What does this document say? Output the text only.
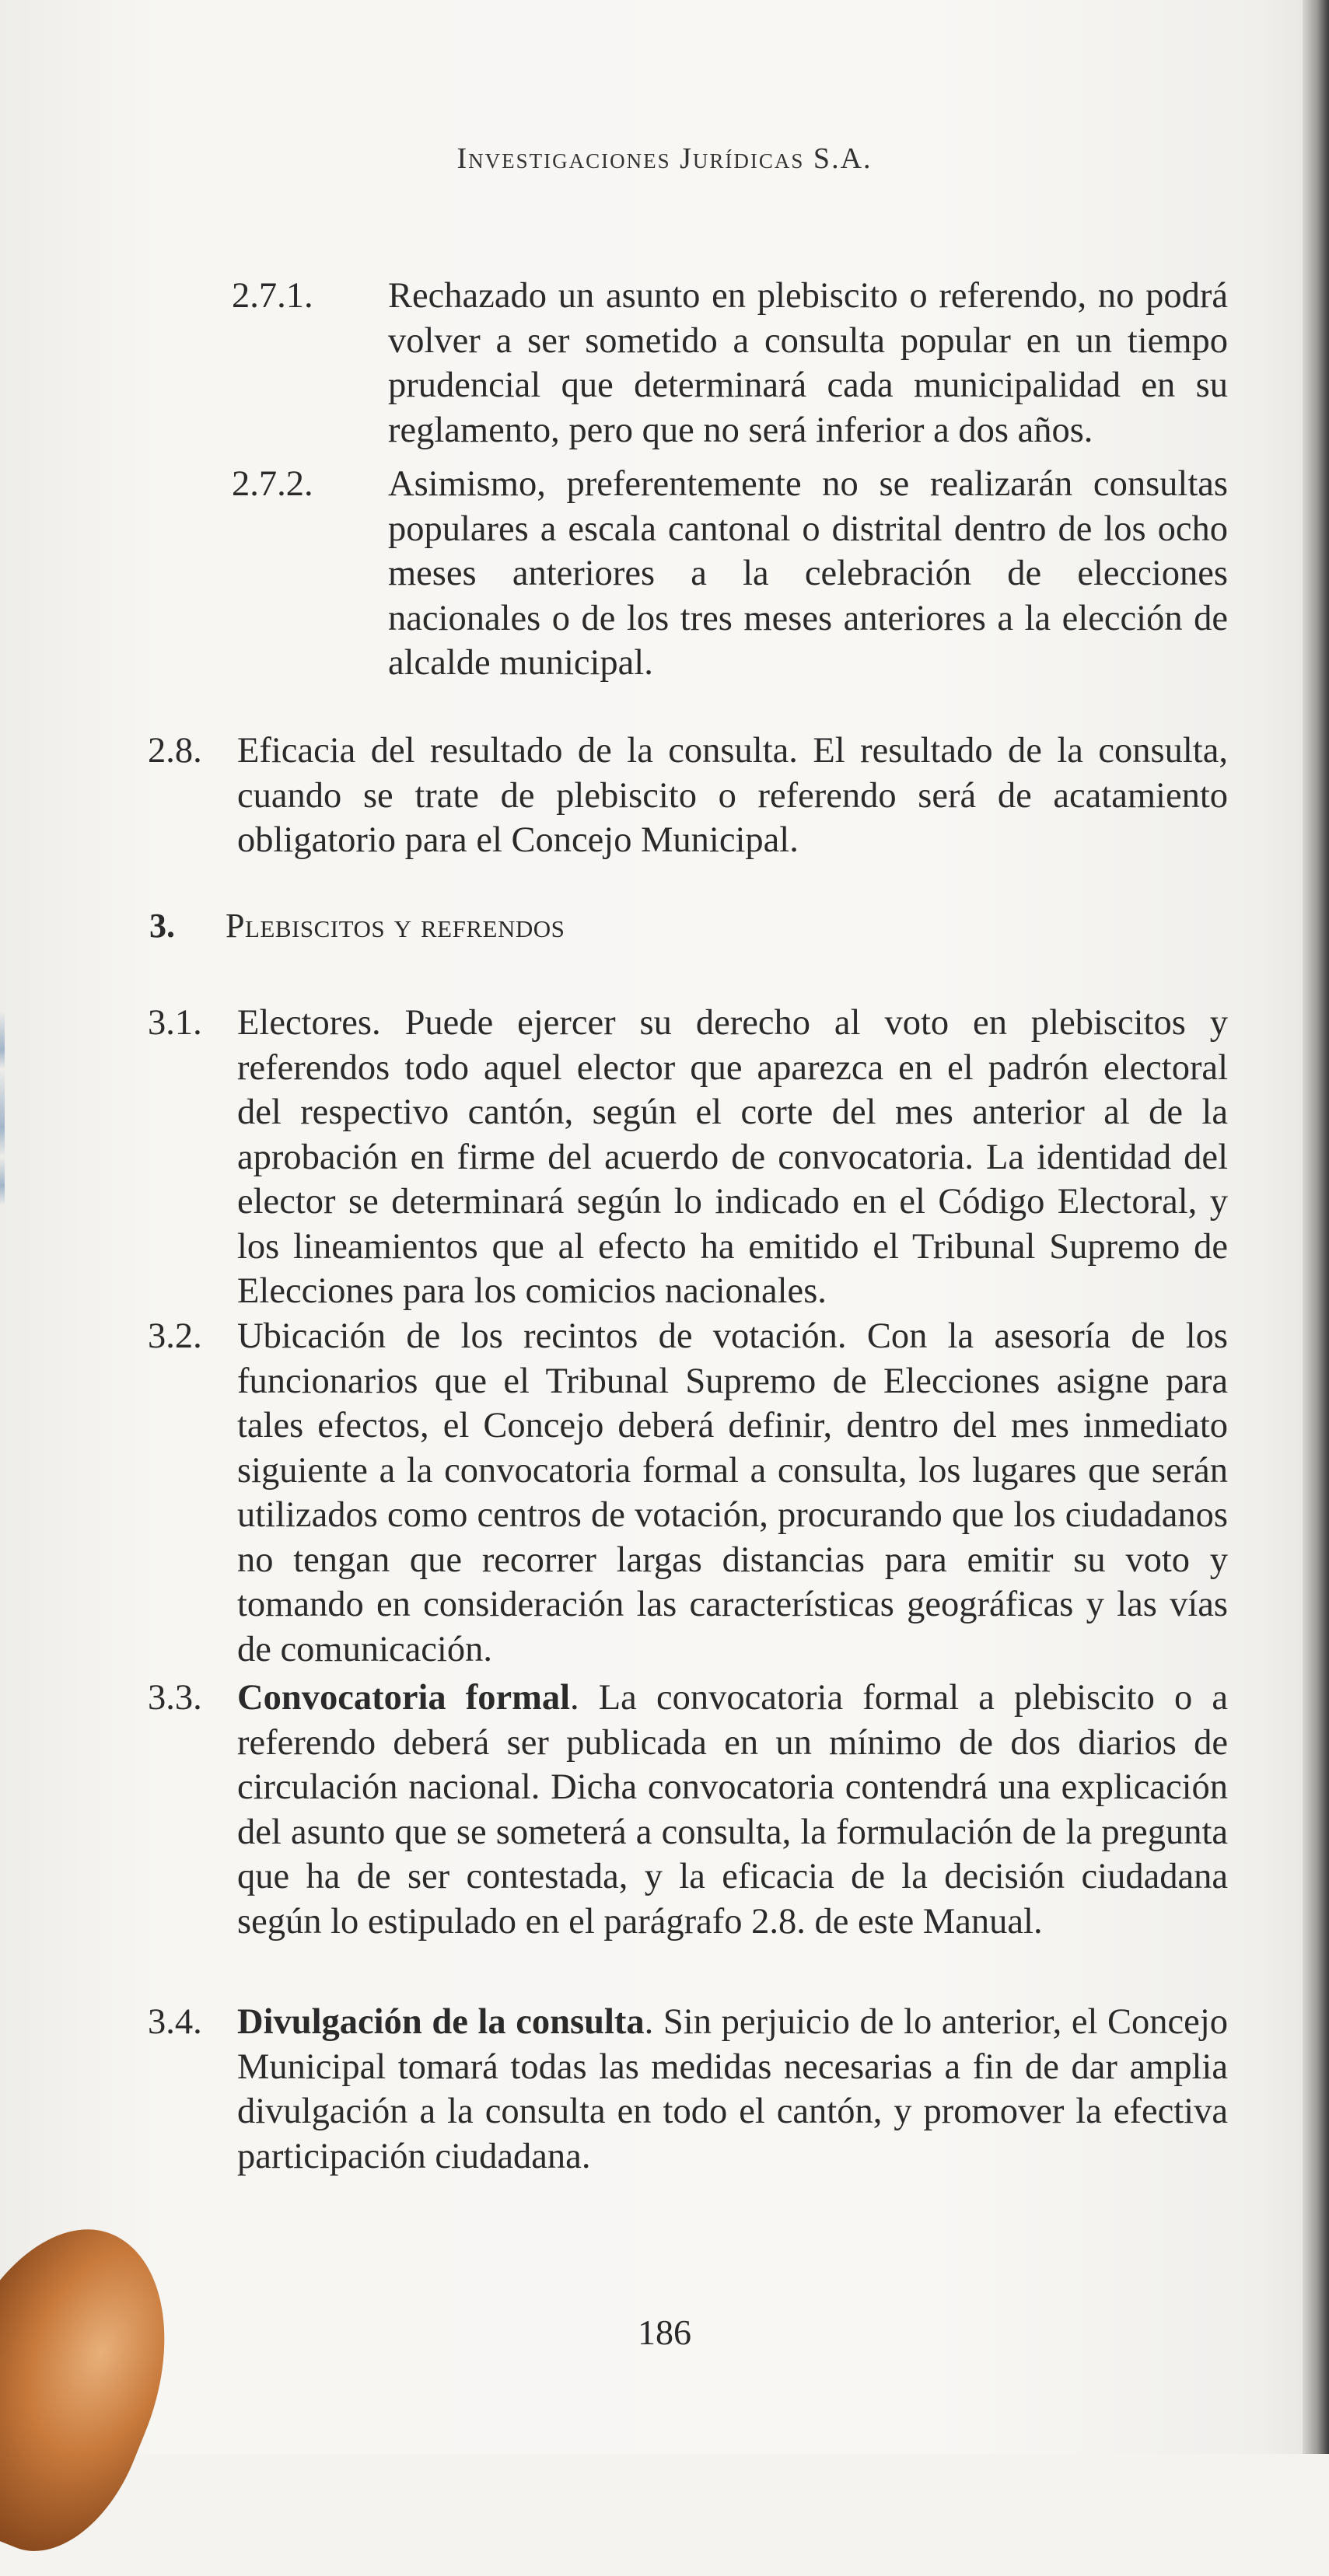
Investigaciones Jurídicas S.A.
2.7.1. Rechazado un asunto en plebiscito o referendo, no podrá volver a ser sometido a consulta popular en un tiempo prudencial que determinará cada municipalidad en su reglamento, pero que no será inferior a dos años.
2.7.2. Asimismo, preferentemente no se realizarán consultas populares a escala cantonal o distrital dentro de los ocho meses anteriores a la celebración de elecciones nacionales o de los tres meses anteriores a la elección de alcalde municipal.
2.8. Eficacia del resultado de la consulta. El resultado de la consulta, cuando se trate de plebiscito o referendo será de acatamiento obligatorio para el Concejo Municipal.
3. Plebiscitos y refrendos
3.1. Electores. Puede ejercer su derecho al voto en plebiscitos y referendos todo aquel elector que aparezca en el padrón electoral del respectivo cantón, según el corte del mes anterior al de la aprobación en firme del acuerdo de convocatoria. La identidad del elector se determinará según lo indicado en el Código Electoral, y los lineamientos que al efecto ha emitido el Tribunal Supremo de Elecciones para los comicios nacionales.
3.2. Ubicación de los recintos de votación. Con la asesoría de los funcionarios que el Tribunal Supremo de Elecciones asigne para tales efectos, el Concejo deberá definir, dentro del mes inmediato siguiente a la convocatoria formal a consulta, los lugares que serán utilizados como centros de votación, procurando que los ciudadanos no tengan que recorrer largas distancias para emitir su voto y tomando en consideración las características geográficas y las vías de comunicación.
3.3. Convocatoria formal. La convocatoria formal a plebiscito o a referendo deberá ser publicada en un mínimo de dos diarios de circulación nacional. Dicha convocatoria contendrá una explicación del asunto que se someterá a consulta, la formulación de la pregunta que ha de ser contestada, y la eficacia de la decisión ciudadana según lo estipulado en el parágrafo 2.8. de este Manual.
3.4. Divulgación de la consulta. Sin perjuicio de lo anterior, el Concejo Municipal tomará todas las medidas necesarias a fin de dar amplia divulgación a la consulta en todo el cantón, y promover la efectiva participación ciudadana.
186
